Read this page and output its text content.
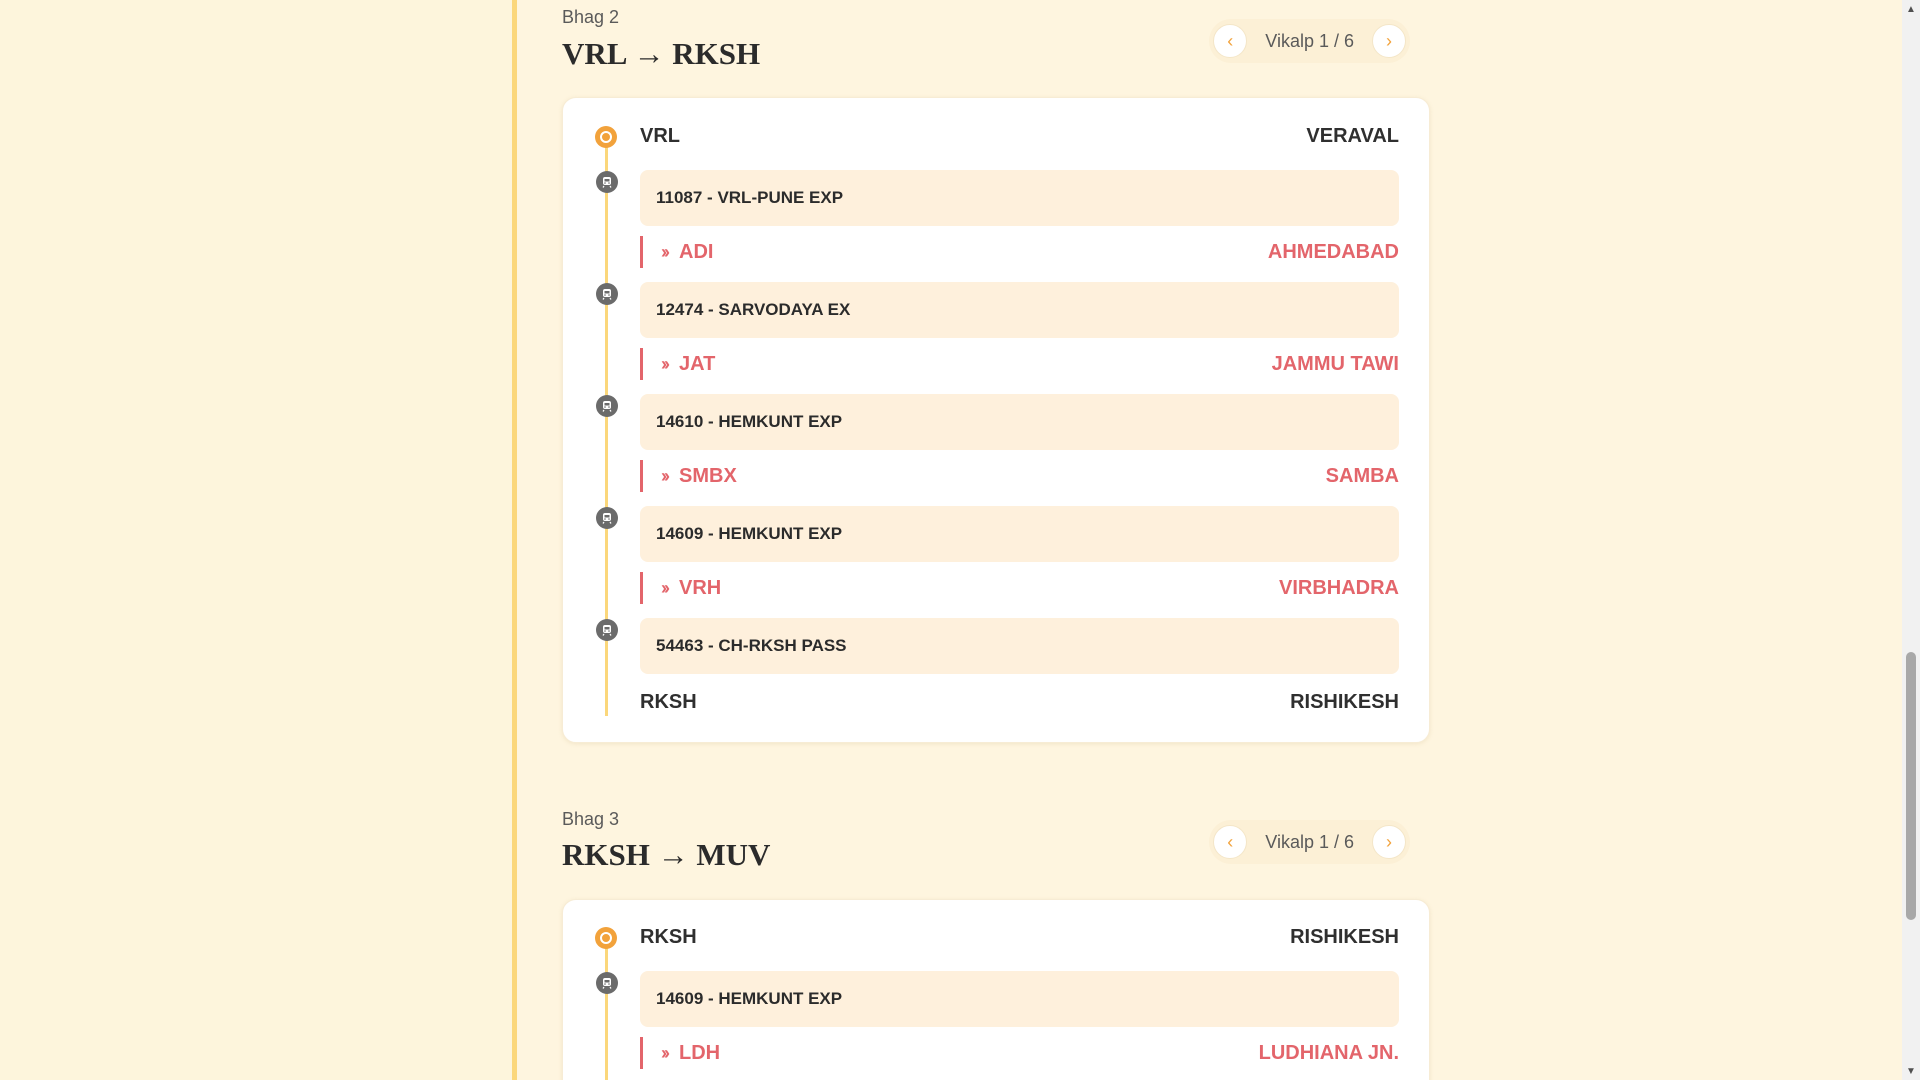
Bhag 2
VRL → RKSH	‹ Vikalp 1 / 6 ›
VRL	VERAVAL
11087 - VRL-PUNE EXP
›› ADI	AHMEDABAD
12474 - SARVODAYA EX
›› JAT	JAMMU TAWI
14610 - HEMKUNT EXP
›› SMBX	SAMBA
14609 - HEMKUNT EXP
›› VRH	VIRBHADRA
54463 - CH-RKSH PASS
RKSH	RISHIKESH
Bhag 3
RKSH → MUV	‹ Vikalp 1 / 6 ›
RKSH	RISHIKESH
14609 - HEMKUNT EXP
›› LDH	LUDHIANA JN.
▲
▼
